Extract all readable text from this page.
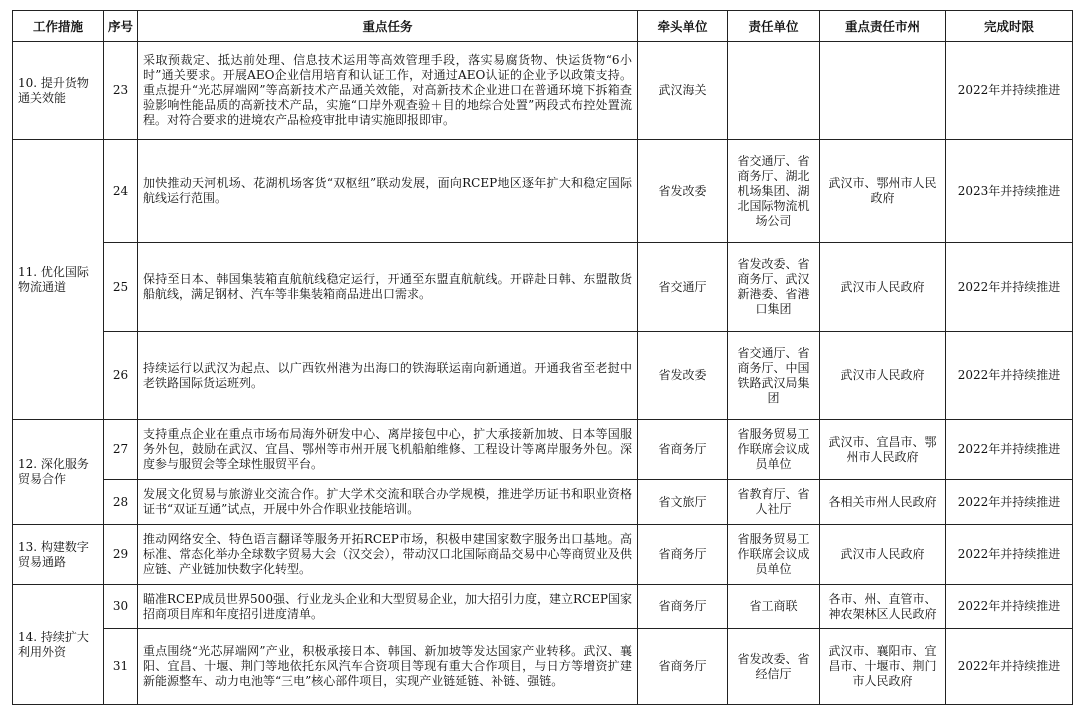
工作措施	序号	重点任务	牵头单位	责任单位	重点责任市州	完成时限
10. 提升货物通关效能	23	采取预裁定、抵达前处理、信息技术运用等高效管理手段，落实易腐货物、快运货物“6小时”通关要求。开展AEO企业信用培育和认证工作，对通过AEO认证的企业予以政策支持。重点提升“光芯屏端网”等高新技术产品通关效能，对高新技术企业进口在普通环境下拆箱查验影响性能品质的高新技术产品，实施“口岸外观查验＋目的地综合处置”两段式布控处置流程。对符合要求的进境农产品检疫审批申请实施即报即审。	武汉海关			2022年并持续推进
11. 优化国际物流通道	24	加快推动天河机场、花湖机场客货“双枢纽”联动发展，面向RCEP地区逐年扩大和稳定国际航线运行范围。	省发改委	省交通厅、省商务厅、湖北机场集团、湖北国际物流机场公司	武汉市、鄂州市人民政府	2023年并持续推进
	25	保持至日本、韩国集装箱直航航线稳定运行，开通至东盟直航航线。开辟赴日韩、东盟散货船航线，满足钢材、汽车等非集装箱商品进出口需求。	省交通厅	省发改委、省商务厅、武汉新港委、省港口集团	武汉市人民政府	2022年并持续推进
	26	持续运行以武汉为起点、以广西钦州港为出海口的铁海联运南向新通道。开通我省至老挝中老铁路国际货运班列。	省发改委	省交通厅、省商务厅、中国铁路武汉局集团	武汉市人民政府	2022年并持续推进
12. 深化服务贸易合作	27	支持重点企业在重点市场布局海外研发中心、离岸接包中心，扩大承接新加坡、日本等国服务外包，鼓励在武汉、宜昌、鄂州等市州开展飞机船舶维修、工程设计等离岸服务外包。深度参与服贸会等全球性服贸平台。	省商务厅	省服务贸易工作联席会议成员单位	武汉市、宜昌市、鄂州市人民政府	2022年并持续推进
	28	发展文化贸易与旅游业交流合作。扩大学术交流和联合办学规模，推进学历证书和职业资格证书“双证互通”试点，开展中外合作职业技能培训。	省文旅厅	省教育厅、省人社厅	各相关市州人民政府	2022年并持续推进
13. 构建数字贸易通路	29	推动网络安全、特色语言翻译等服务开拓RCEP市场，积极申建国家数字服务出口基地。高标准、常态化举办全球数字贸易大会（汉交会），带动汉口北国际商品交易中心等商贸业及供应链、产业链加快数字化转型。	省商务厅	省服务贸易工作联席会议成员单位	武汉市人民政府	2022年并持续推进
14. 持续扩大利用外资	30	瞄准RCEP成员世界500强、行业龙头企业和大型贸易企业，加大招引力度，建立RCEP国家招商项目库和年度招引进度清单。	省商务厅	省工商联	各市、州、直管市、神农架林区人民政府	2022年并持续推进
	31	重点围绕“光芯屏端网”产业，积极承接日本、韩国、新加坡等发达国家产业转移。武汉、襄阳、宜昌、十堰、荆门等地依托东风汽车合资项目等现有重大合作项目，与日方等增资扩建新能源整车、动力电池等“三电”核心部件项目，实现产业链延链、补链、强链。	省商务厅	省发改委、省经信厅	武汉市、襄阳市、宜昌市、十堰市、荆门市人民政府	2022年并持续推进
